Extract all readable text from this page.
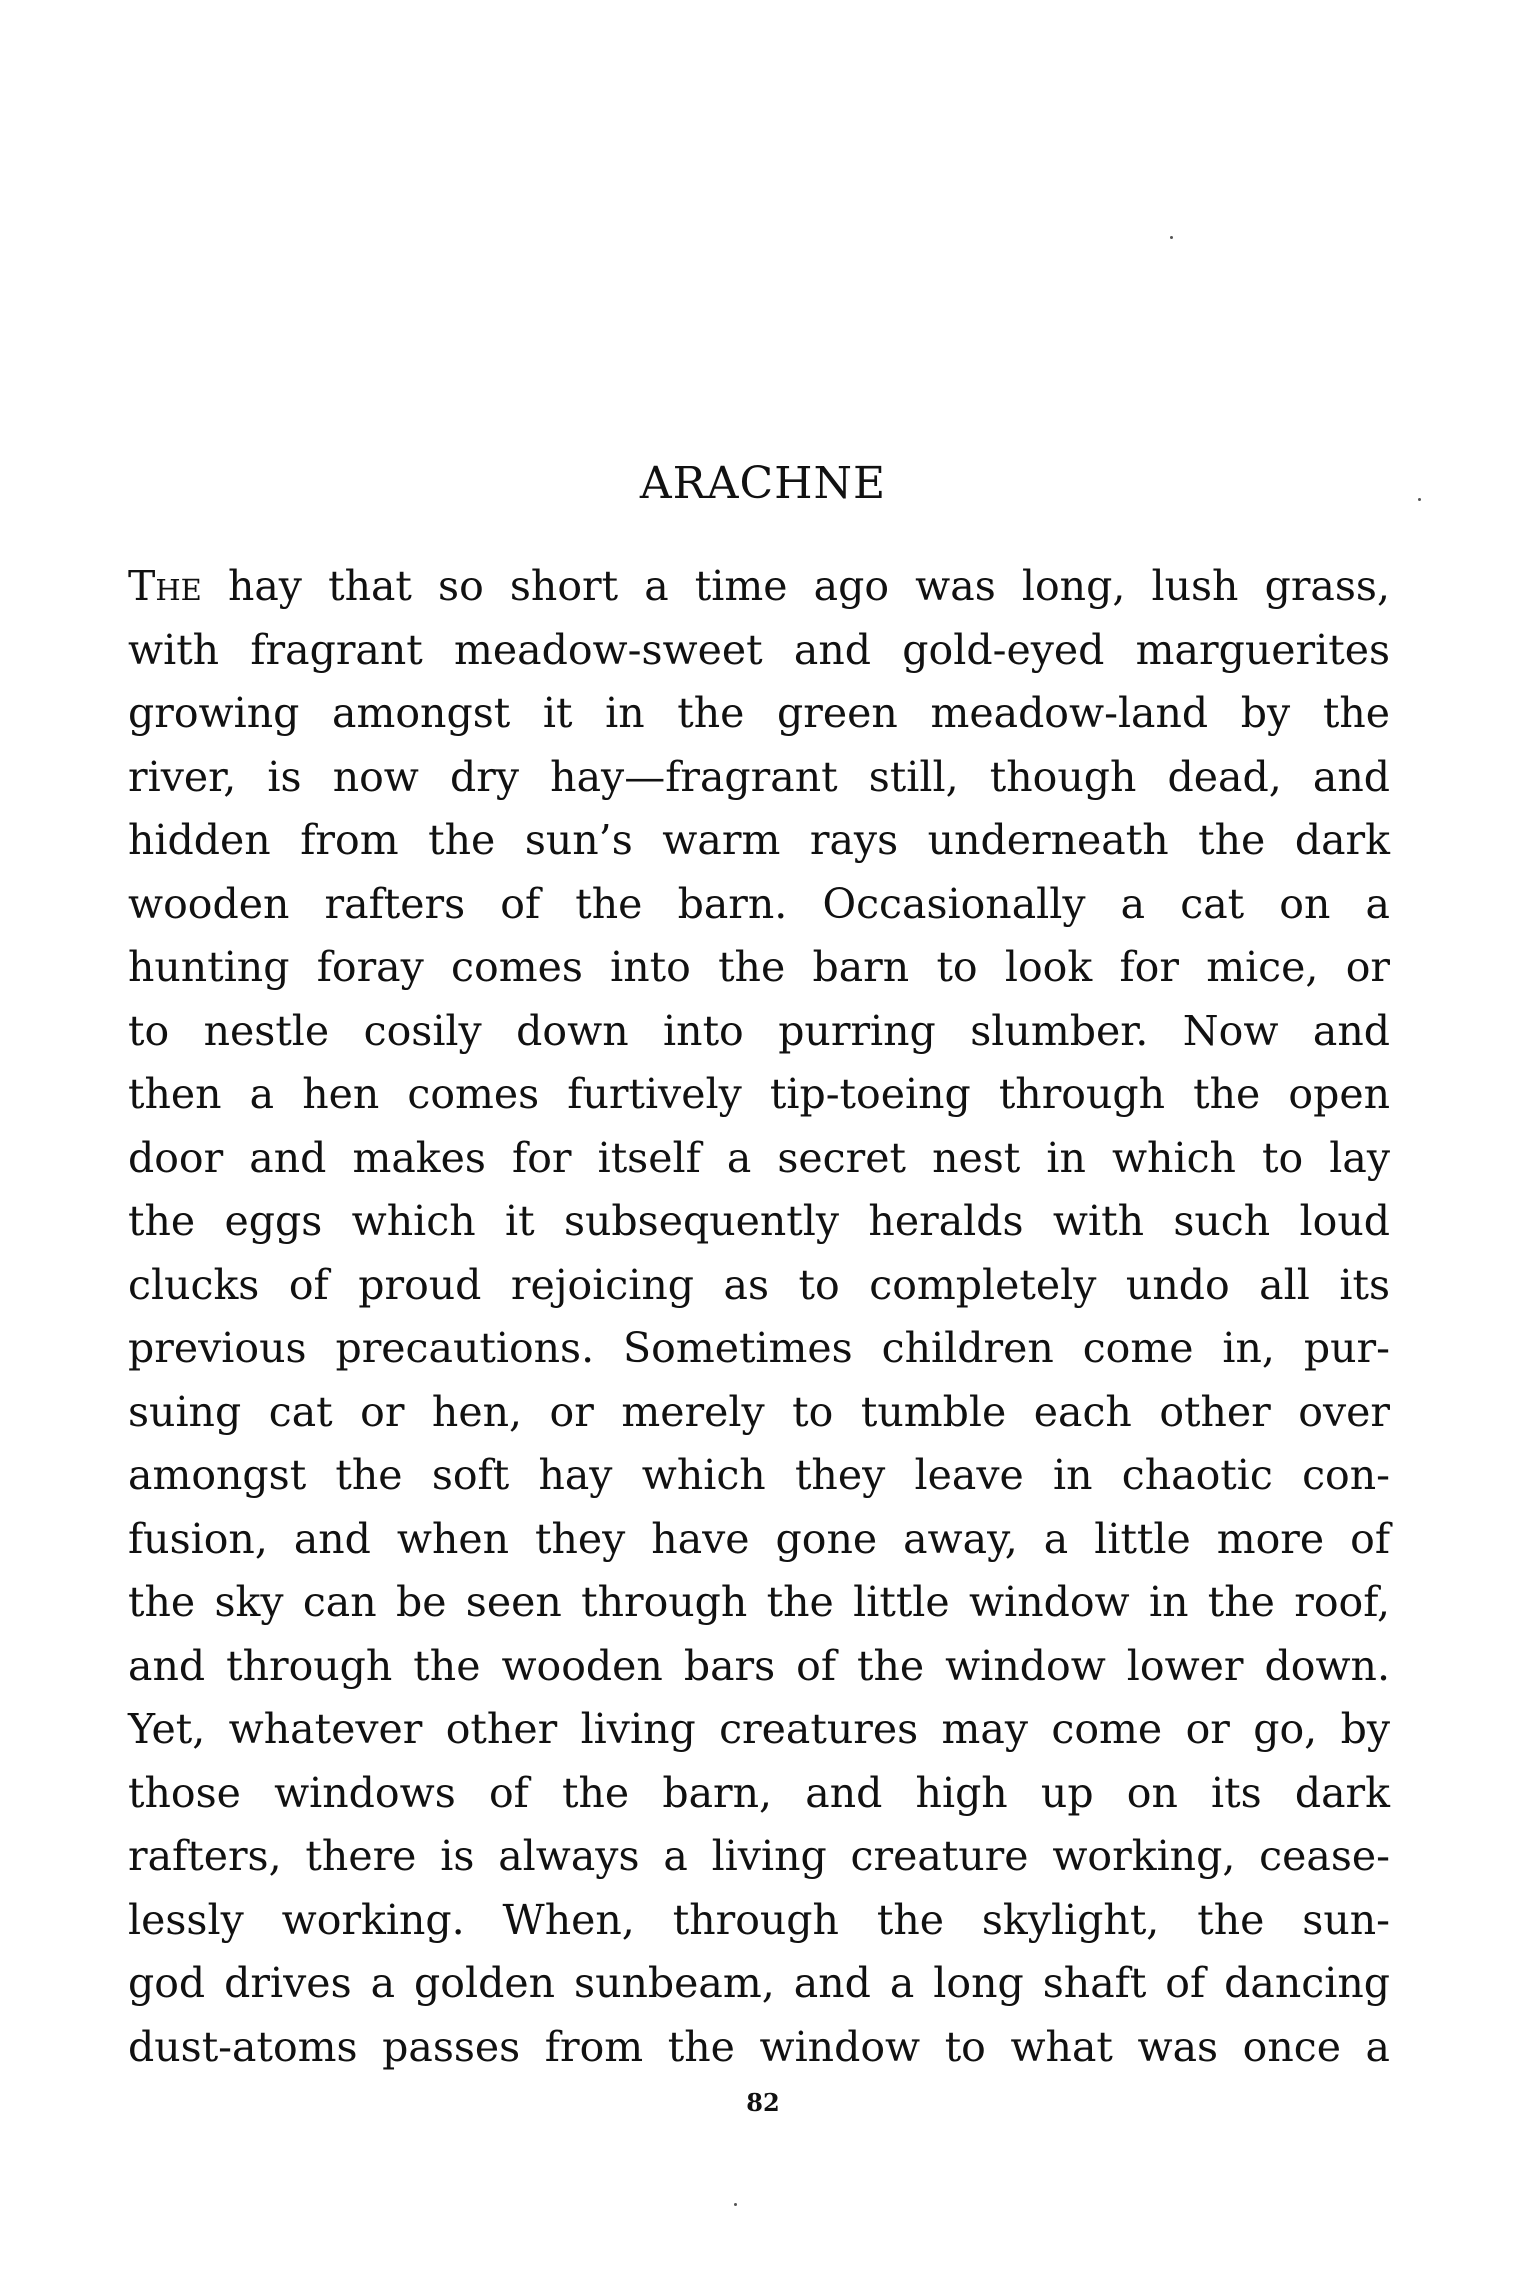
ARACHNE
The hay that so short a time ago was long, lush grass,
with fragrant meadow-sweet and gold-eyed marguerites
growing amongst it in the green meadow-land by the
river, is now dry hay—fragrant still, though dead, and
hidden from the sun’s warm rays underneath the dark
wooden rafters of the barn. Occasionally a cat on a
hunting foray comes into the barn to look for mice, or
to nestle cosily down into purring slumber. Now and
then a hen comes furtively tip-toeing through the open
door and makes for itself a secret nest in which to lay
the eggs which it subsequently heralds with such loud
clucks of proud rejoicing as to completely undo all its
previous precautions. Sometimes children come in, pur-
suing cat or hen, or merely to tumble each other over
amongst the soft hay which they leave in chaotic con-
fusion, and when they have gone away, a little more of
the sky can be seen through the little window in the roof,
and through the wooden bars of the window lower down.
Yet, whatever other living creatures may come or go, by
those windows of the barn, and high up on its dark
rafters, there is always a living creature working, cease-
lessly working. When, through the skylight, the sun-
god drives a golden sunbeam, and a long shaft of dancing
dust-atoms passes from the window to what was once a
82
